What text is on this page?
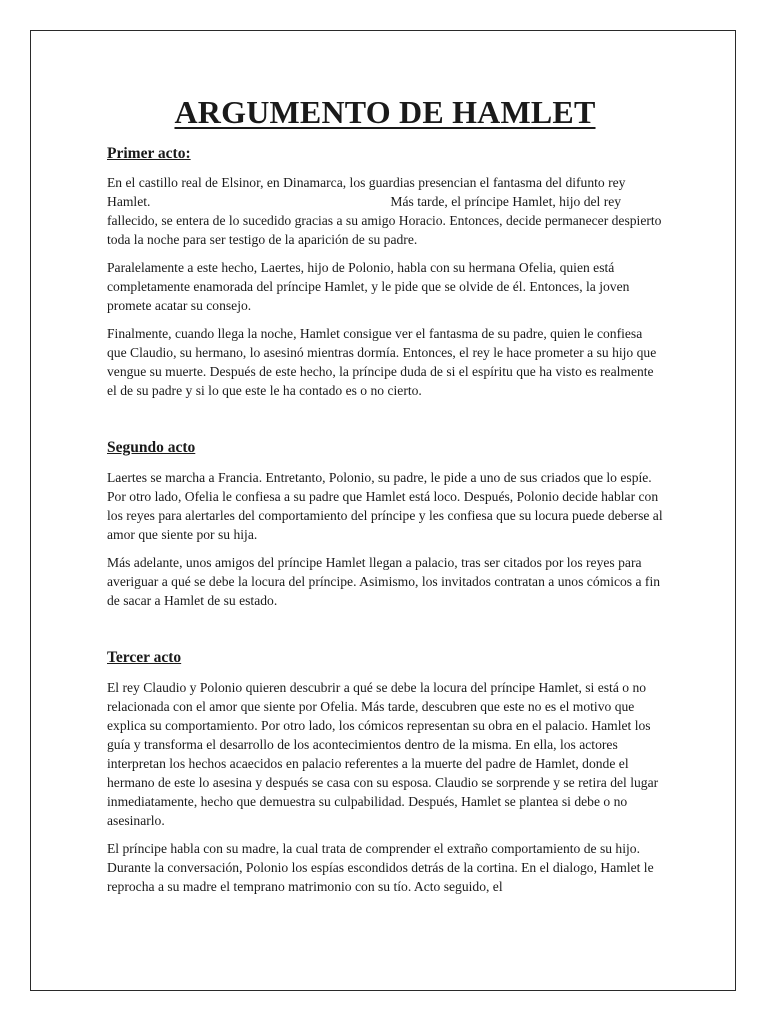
ARGUMENTO DE HAMLET
Primer acto:

En el castillo real de Elsinor, en Dinamarca, los guardias presencian el fantasma del difunto rey Hamlet.	Más tarde, el príncipe Hamlet, hijo del rey fallecido, se entera de lo sucedido gracias a su amigo Horacio. Entonces, decide permanecer despierto toda la noche para ser testigo de la aparición de su padre.

Paralelamente a este hecho, Laertes, hijo de Polonio, habla con su hermana Ofelia, quien está completamente enamorada del príncipe Hamlet, y le pide que se olvide de él. Entonces, la joven promete acatar su consejo.

Finalmente, cuando llega la noche, Hamlet consigue ver el fantasma de su padre, quien le confiesa que Claudio, su hermano, lo asesinó mientras dormía. Entonces, el rey le hace prometer a su hijo que vengue su muerte. Después de este hecho, la príncipe duda de si el espíritu que ha visto es realmente el de su padre y si lo que este le ha contado es o no cierto.

Segundo acto

Laertes se marcha a Francia. Entretanto, Polonio, su padre, le pide a uno de sus criados que lo espíe. Por otro lado, Ofelia le confiesa a su padre que Hamlet está loco. Después, Polonio decide hablar con los reyes para alertarles del comportamiento del príncipe y les confiesa que su locura puede deberse al amor que siente por su hija.

Más adelante, unos amigos del príncipe Hamlet llegan a palacio, tras ser citados por los reyes para averiguar a qué se debe la locura del príncipe. Asimismo, los invitados contratan a unos cómicos a fin de sacar a Hamlet de su estado.

Tercer acto

El rey Claudio y Polonio quieren descubrir a qué se debe la locura del príncipe Hamlet, si está o no relacionada con el amor que siente por Ofelia. Más tarde, descubren que este no es el motivo que explica su comportamiento. Por otro lado, los cómicos representan su obra en el palacio. Hamlet los guía y transforma el desarrollo de los acontecimientos dentro de la misma. En ella, los actores interpretan los hechos acaecidos en palacio referentes a la muerte del padre de Hamlet, donde el hermano de este lo asesina y después se casa con su esposa. Claudio se sorprende y se retira del lugar inmediatamente, hecho que demuestra su culpabilidad. Después, Hamlet se plantea si debe o no asesinarlo.

El príncipe habla con su madre, la cual trata de comprender el extraño comportamiento de su hijo. Durante la conversación, Polonio los espías escondidos detrás de la cortina. En el dialogo, Hamlet le reprocha a su madre el temprano matrimonio con su tío. Acto seguido, el
